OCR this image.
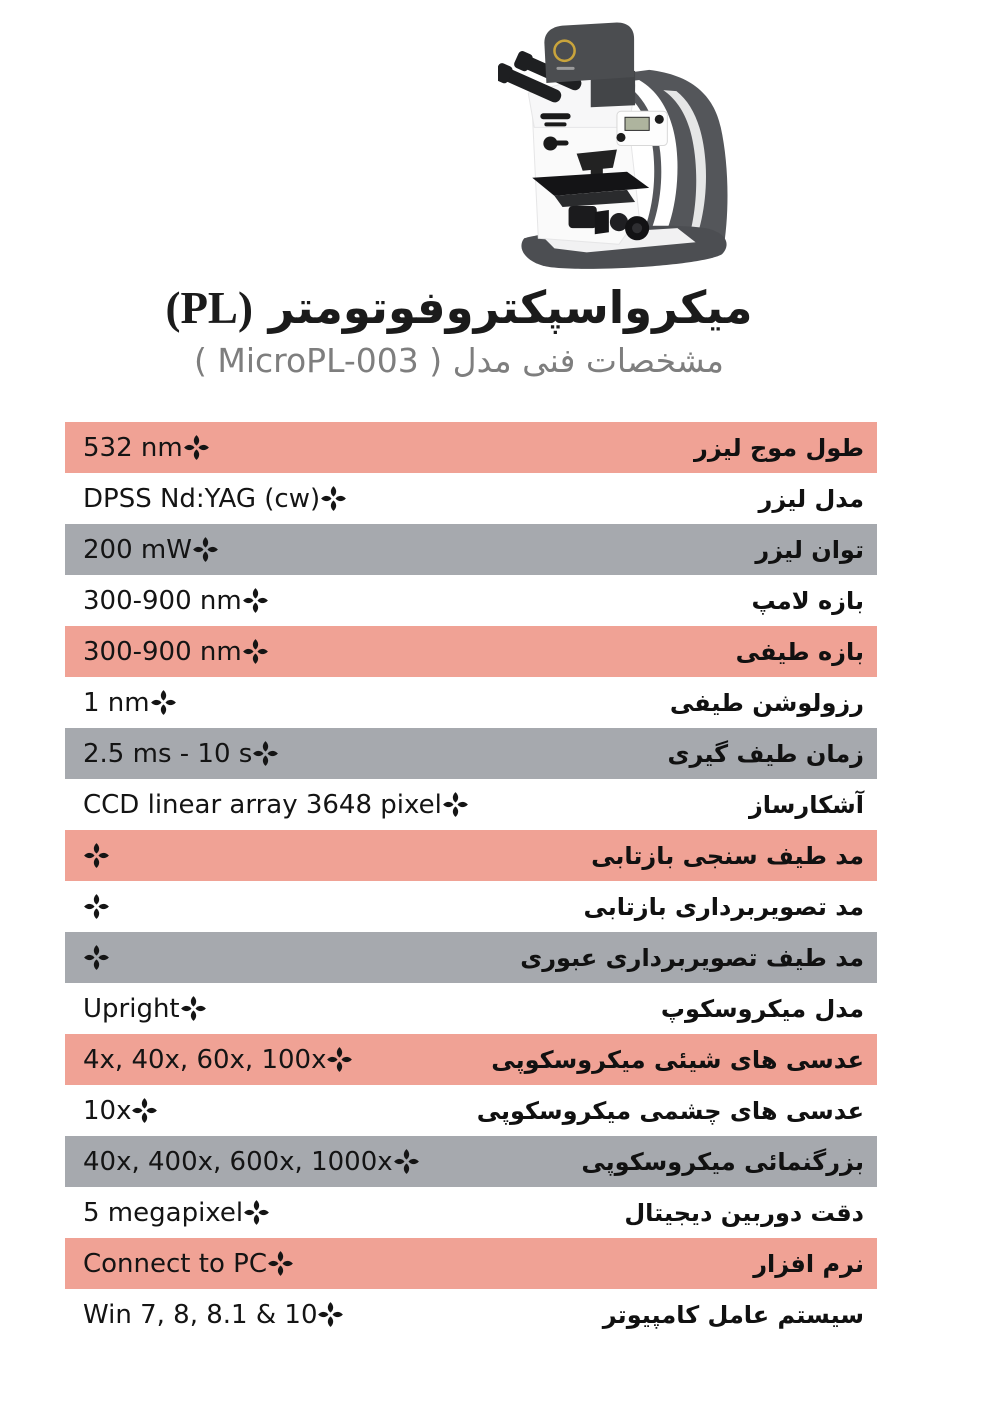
میکرواسپکتروفوتومتر (PL)
مشخصات فنی مدل ( MicroPL-003 )
532 nm	طول موج لیزر
DPSS Nd:YAG (cw)	مدل لیزر
200 mW	توان لیزر
300-900 nm	بازه لامپ
300-900 nm	بازه طیفی
1 nm	رزولوشن طیفی
2.5 ms - 10 s	زمان طیف گیری
CCD linear array 3648 pixel	آشکارساز
مد طیف سنجی بازتابی
مد تصویربرداری بازتابی
مد طیف تصویربرداری عبوری
Upright	مدل میکروسکوپ
4x, 40x, 60x, 100x	عدسی های شیئی میکروسکوپی
10x	عدسی های چشمی میکروسکوپی
40x, 400x, 600x, 1000x	بزرگنمائی میکروسکوپی
5 megapixel	دقت دوربین دیجیتال
Connect to PC	نرم افزار
Win 7, 8, 8.1 & 10	سیستم عامل کامپیوتر
